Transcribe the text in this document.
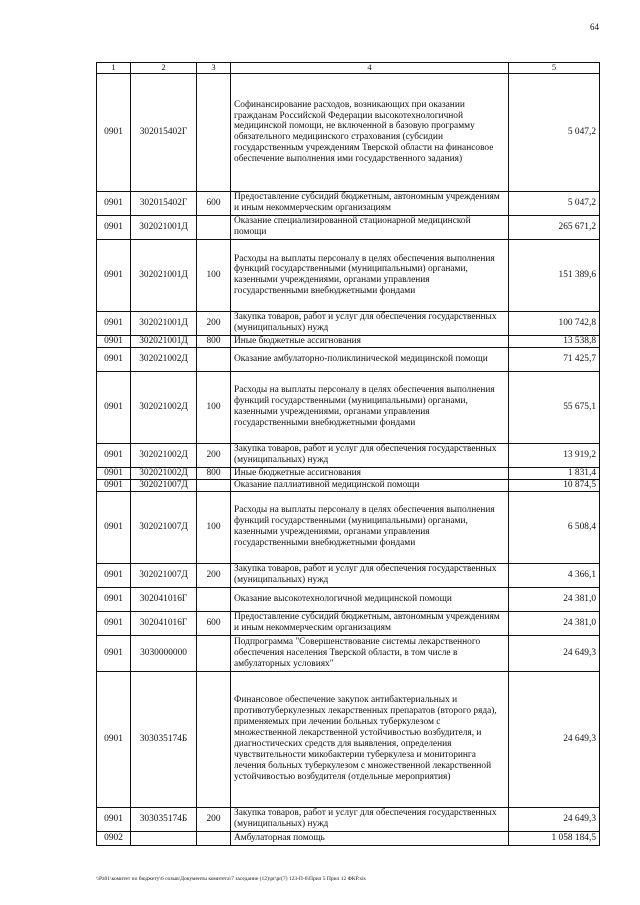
64
1	2	3	4	5
0901	302015402Г		Софинансирование расходов, возникающих при оказании гражданам Российской Федерации высокотехнологичной медицинской помощи, не включенной в базовую программу обязательного медицинского страхования (субсидии государственным учреждениям Тверской области на финансовое обеспечение выполнения ими государственного задания)	5 047,2
0901	302015402Г	600	Предоставление субсидий бюджетным, автономным учреждениям и иным некоммерческим организациям	5 047,2
0901	302021001Д		Оказание специализированной стационарной медицинской помощи	265 671,2
0901	302021001Д	100	Расходы на выплаты персоналу в целях обеспечения выполнения функций государственными (муниципальными) органами, казенными учреждениями, органами управления государственными внебюджетными фондами	151 389,6
0901	302021001Д	200	Закупка товаров, работ и услуг для обеспечения государственных (муниципальных) нужд	100 742,8
0901	302021001Д	800	Иные бюджетные ассигнования	13 538,8
0901	302021002Д		Оказание амбулаторно-поликлинической медицинской помощи	71 425,7
0901	302021002Д	100	Расходы на выплаты персоналу в целях обеспечения выполнения функций государственными (муниципальными) органами, казенными учреждениями, органами управления государственными внебюджетными фондами	55 675,1
0901	302021002Д	200	Закупка товаров, работ и услуг для обеспечения государственных (муниципальных) нужд	13 919,2
0901	302021002Д	800	Иные бюджетные ассигнования	1 831,4
0901	302021007Д		Оказание паллиативной медицинской помощи	10 874,5
0901	302021007Д	100	Расходы на выплаты персоналу в целях обеспечения выполнения функций государственными (муниципальными) органами, казенными учреждениями, органами управления государственными внебюджетными фондами	6 508,4
0901	302021007Д	200	Закупка товаров, работ и услуг для обеспечения государственных (муниципальных) нужд	4 366,1
0901	302041016Г		Оказание высокотехнологичной медицинской помощи	24 381,0
0901	302041016Г	600	Предоставление субсидий бюджетным, автономным учреждениям и иным некоммерческим организациям	24 381,0
0901	3030000000		Подпрограмма "Совершенствование системы лекарственного обеспечения населения Тверской области, в том числе в амбулаторных условиях"	24 649,3
0901	303035174Б		Финансовое обеспечение закупок антибактериальных и противотуберкулезных лекарственных препаратов (второго ряда), применяемых при лечении больных туберкулезом с множественной лекарственной устойчивостью возбудителя, и диагностических средств для выявления, определения чувствительности микобактерии туберкулеза и мониторинга лечения больных туберкулезом с множественной лекарственной устойчивостью возбудителя (отдельные мероприятия)	24 649,3
0901	303035174Б	200	Закупка товаров, работ и услуг для обеспечения государственных (муниципальных) нужд	24 649,3
0902			Амбулаторная помощь	1 058 184,5
\\Pz01\комитет по бюджету\6 созыв\Документы комитета\7 заседание (12)\pr\pr(7) 123-П-6\Прил 5 Прил 12 ФКР.xls
